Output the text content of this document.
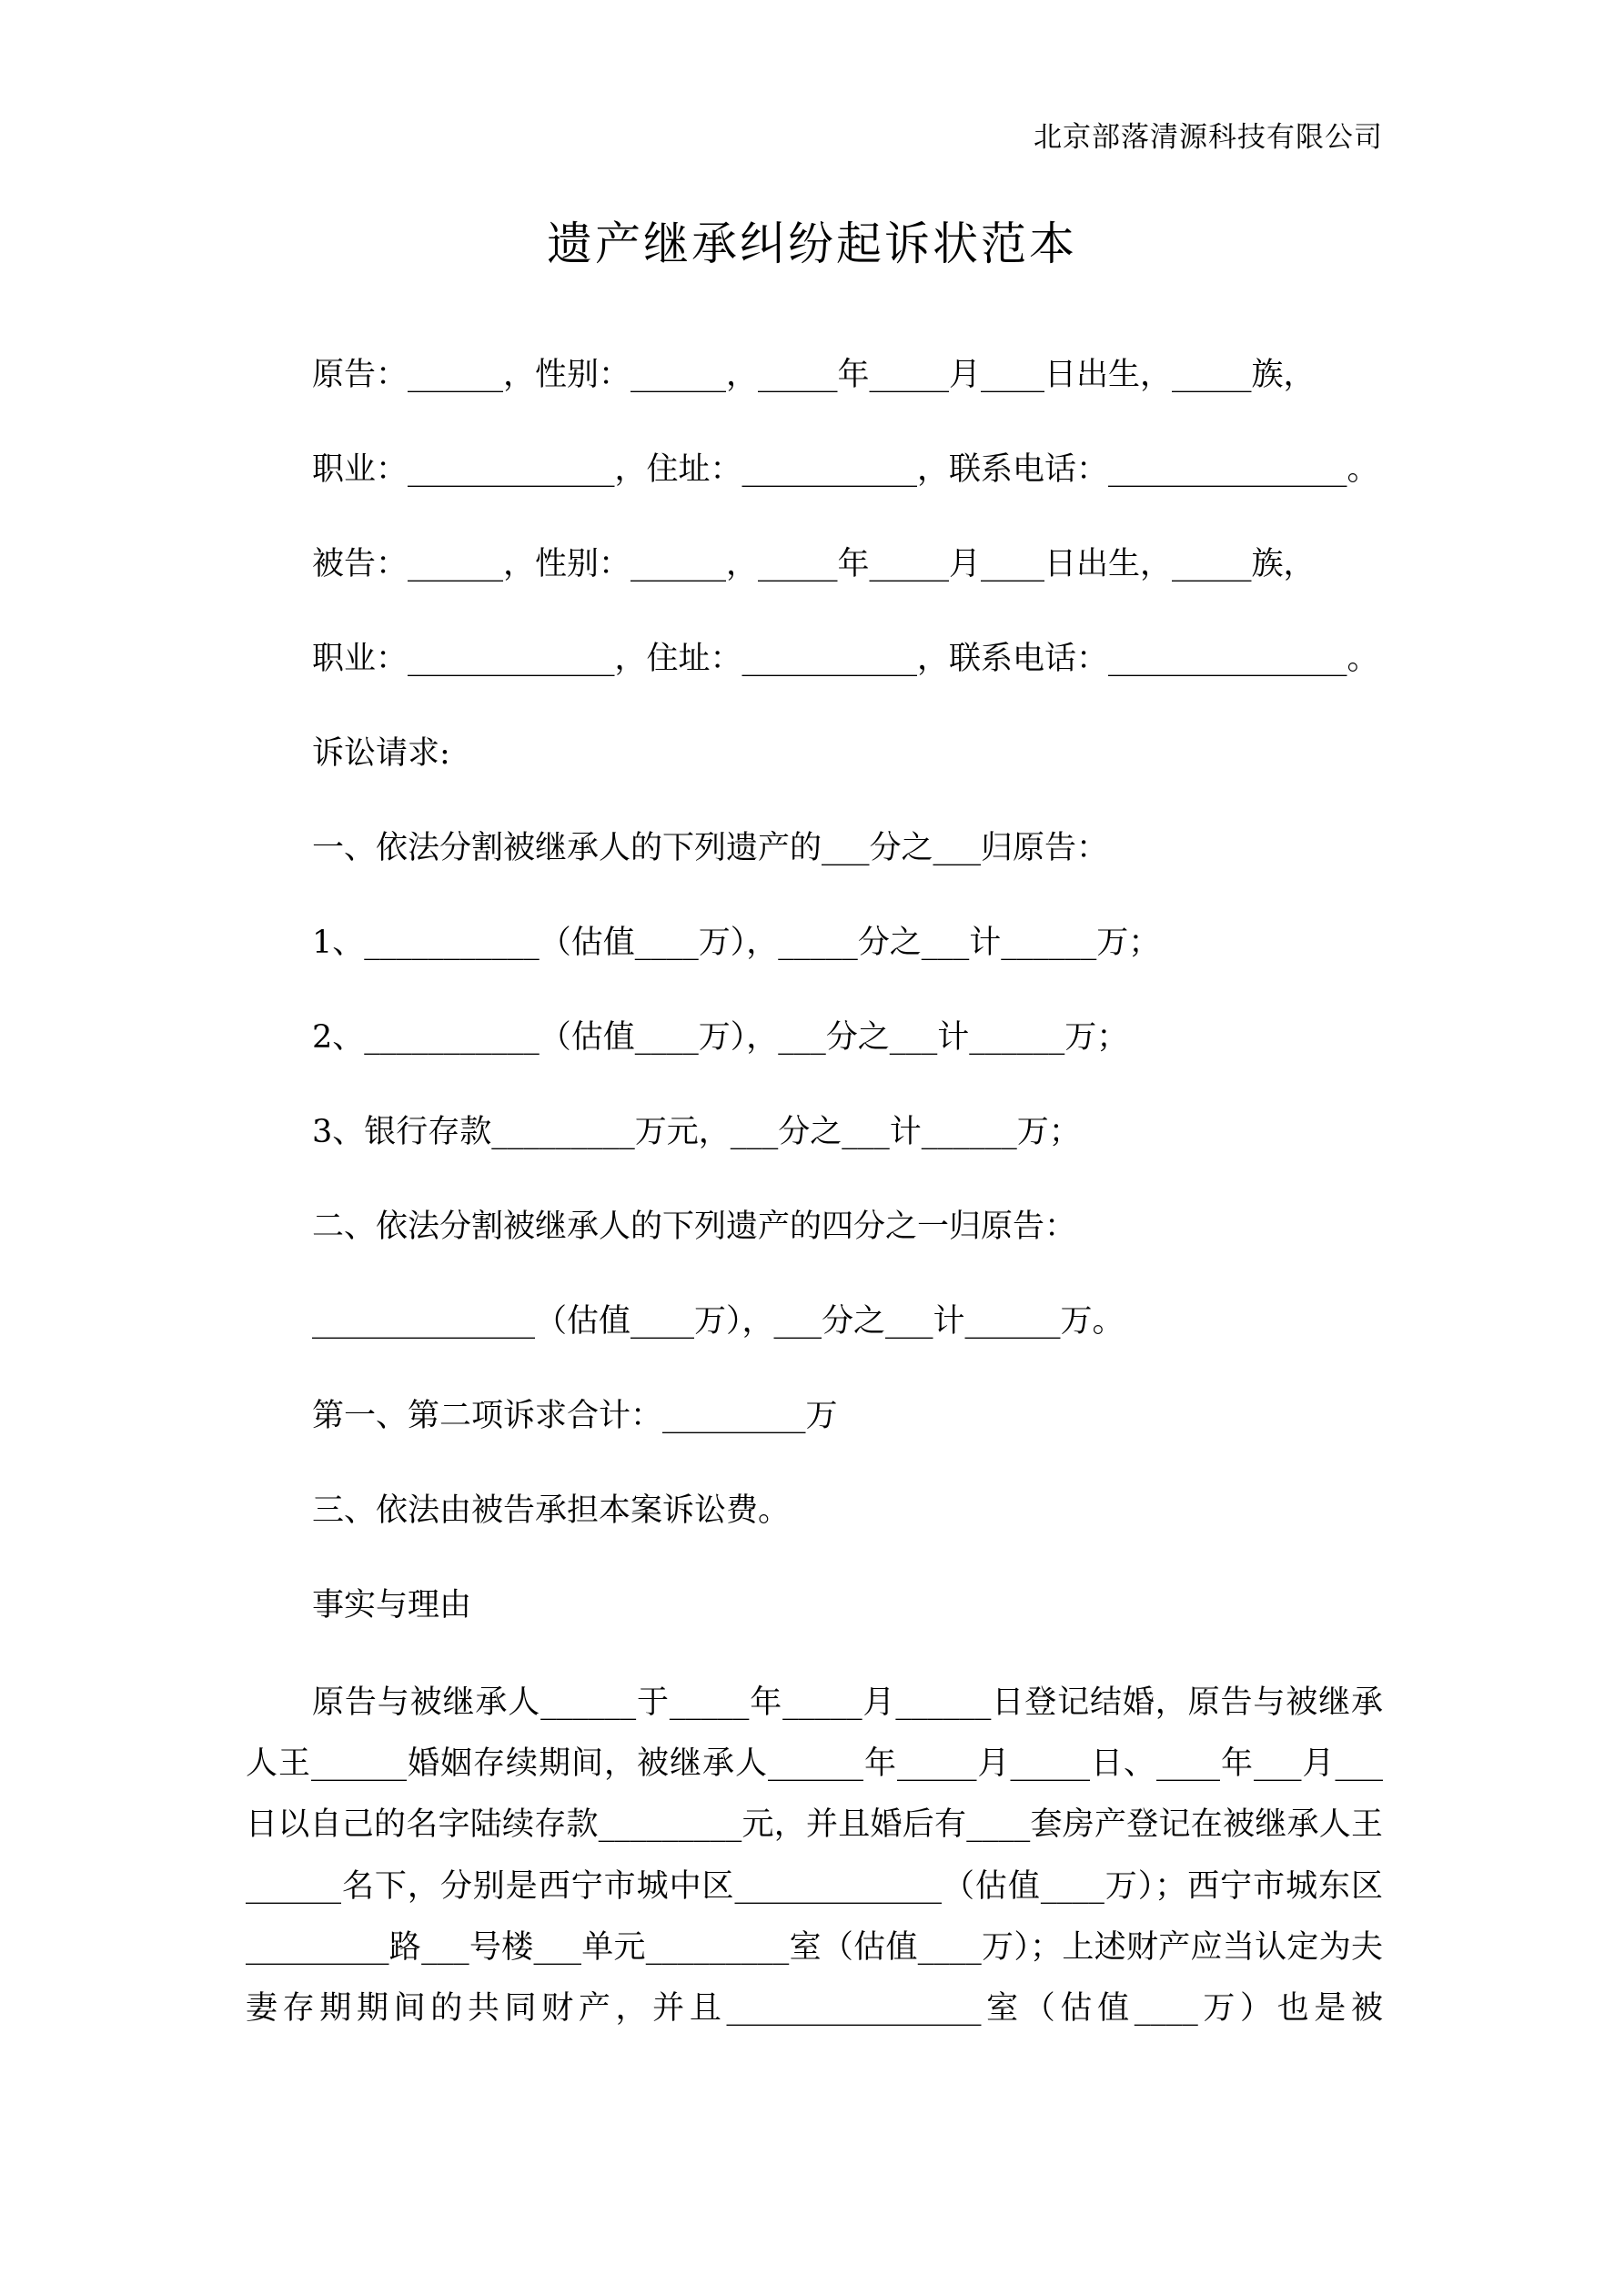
北京部落清源科技有限公司
遗产继承纠纷起诉状范本
原告：______，性别：______，_____年_____月____日出生，_____族，
职业：_____________，住址：___________，联系电话：_______________。
被告：______，性别：______，_____年_____月____日出生，_____族，
职业：_____________，住址：___________，联系电话：_______________。
诉讼请求:
一、依法分割被继承人的下列遗产的___分之___归原告：
1、___________（估值____万），_____分之___计______万；
2、___________（估值____万），___分之___计______万；
3、银行存款_________万元，___分之___计______万；
二、依法分割被继承人的下列遗产的四分之一归原告：
______________（估值____万），___分之___计______万。
第一、第二项诉求合计：_________万
三、依法由被告承担本案诉讼费。
事实与理由
原告与被继承人______于_____年_____月______日登记结婚，原告与被继承人王______婚姻存续期间，被继承人______年_____月_____日、____年___月___日以自己的名字陆续存款_________元，并且婚后有____套房产登记在被继承人王______名下，分别是西宁市城中区_____________（估值____万）；西宁市城东区_________路___号楼___单元_________室（估值____万）；上述财产应当认定为夫妻存期期间的共同财产，并且________________室（估值____万）也是被
